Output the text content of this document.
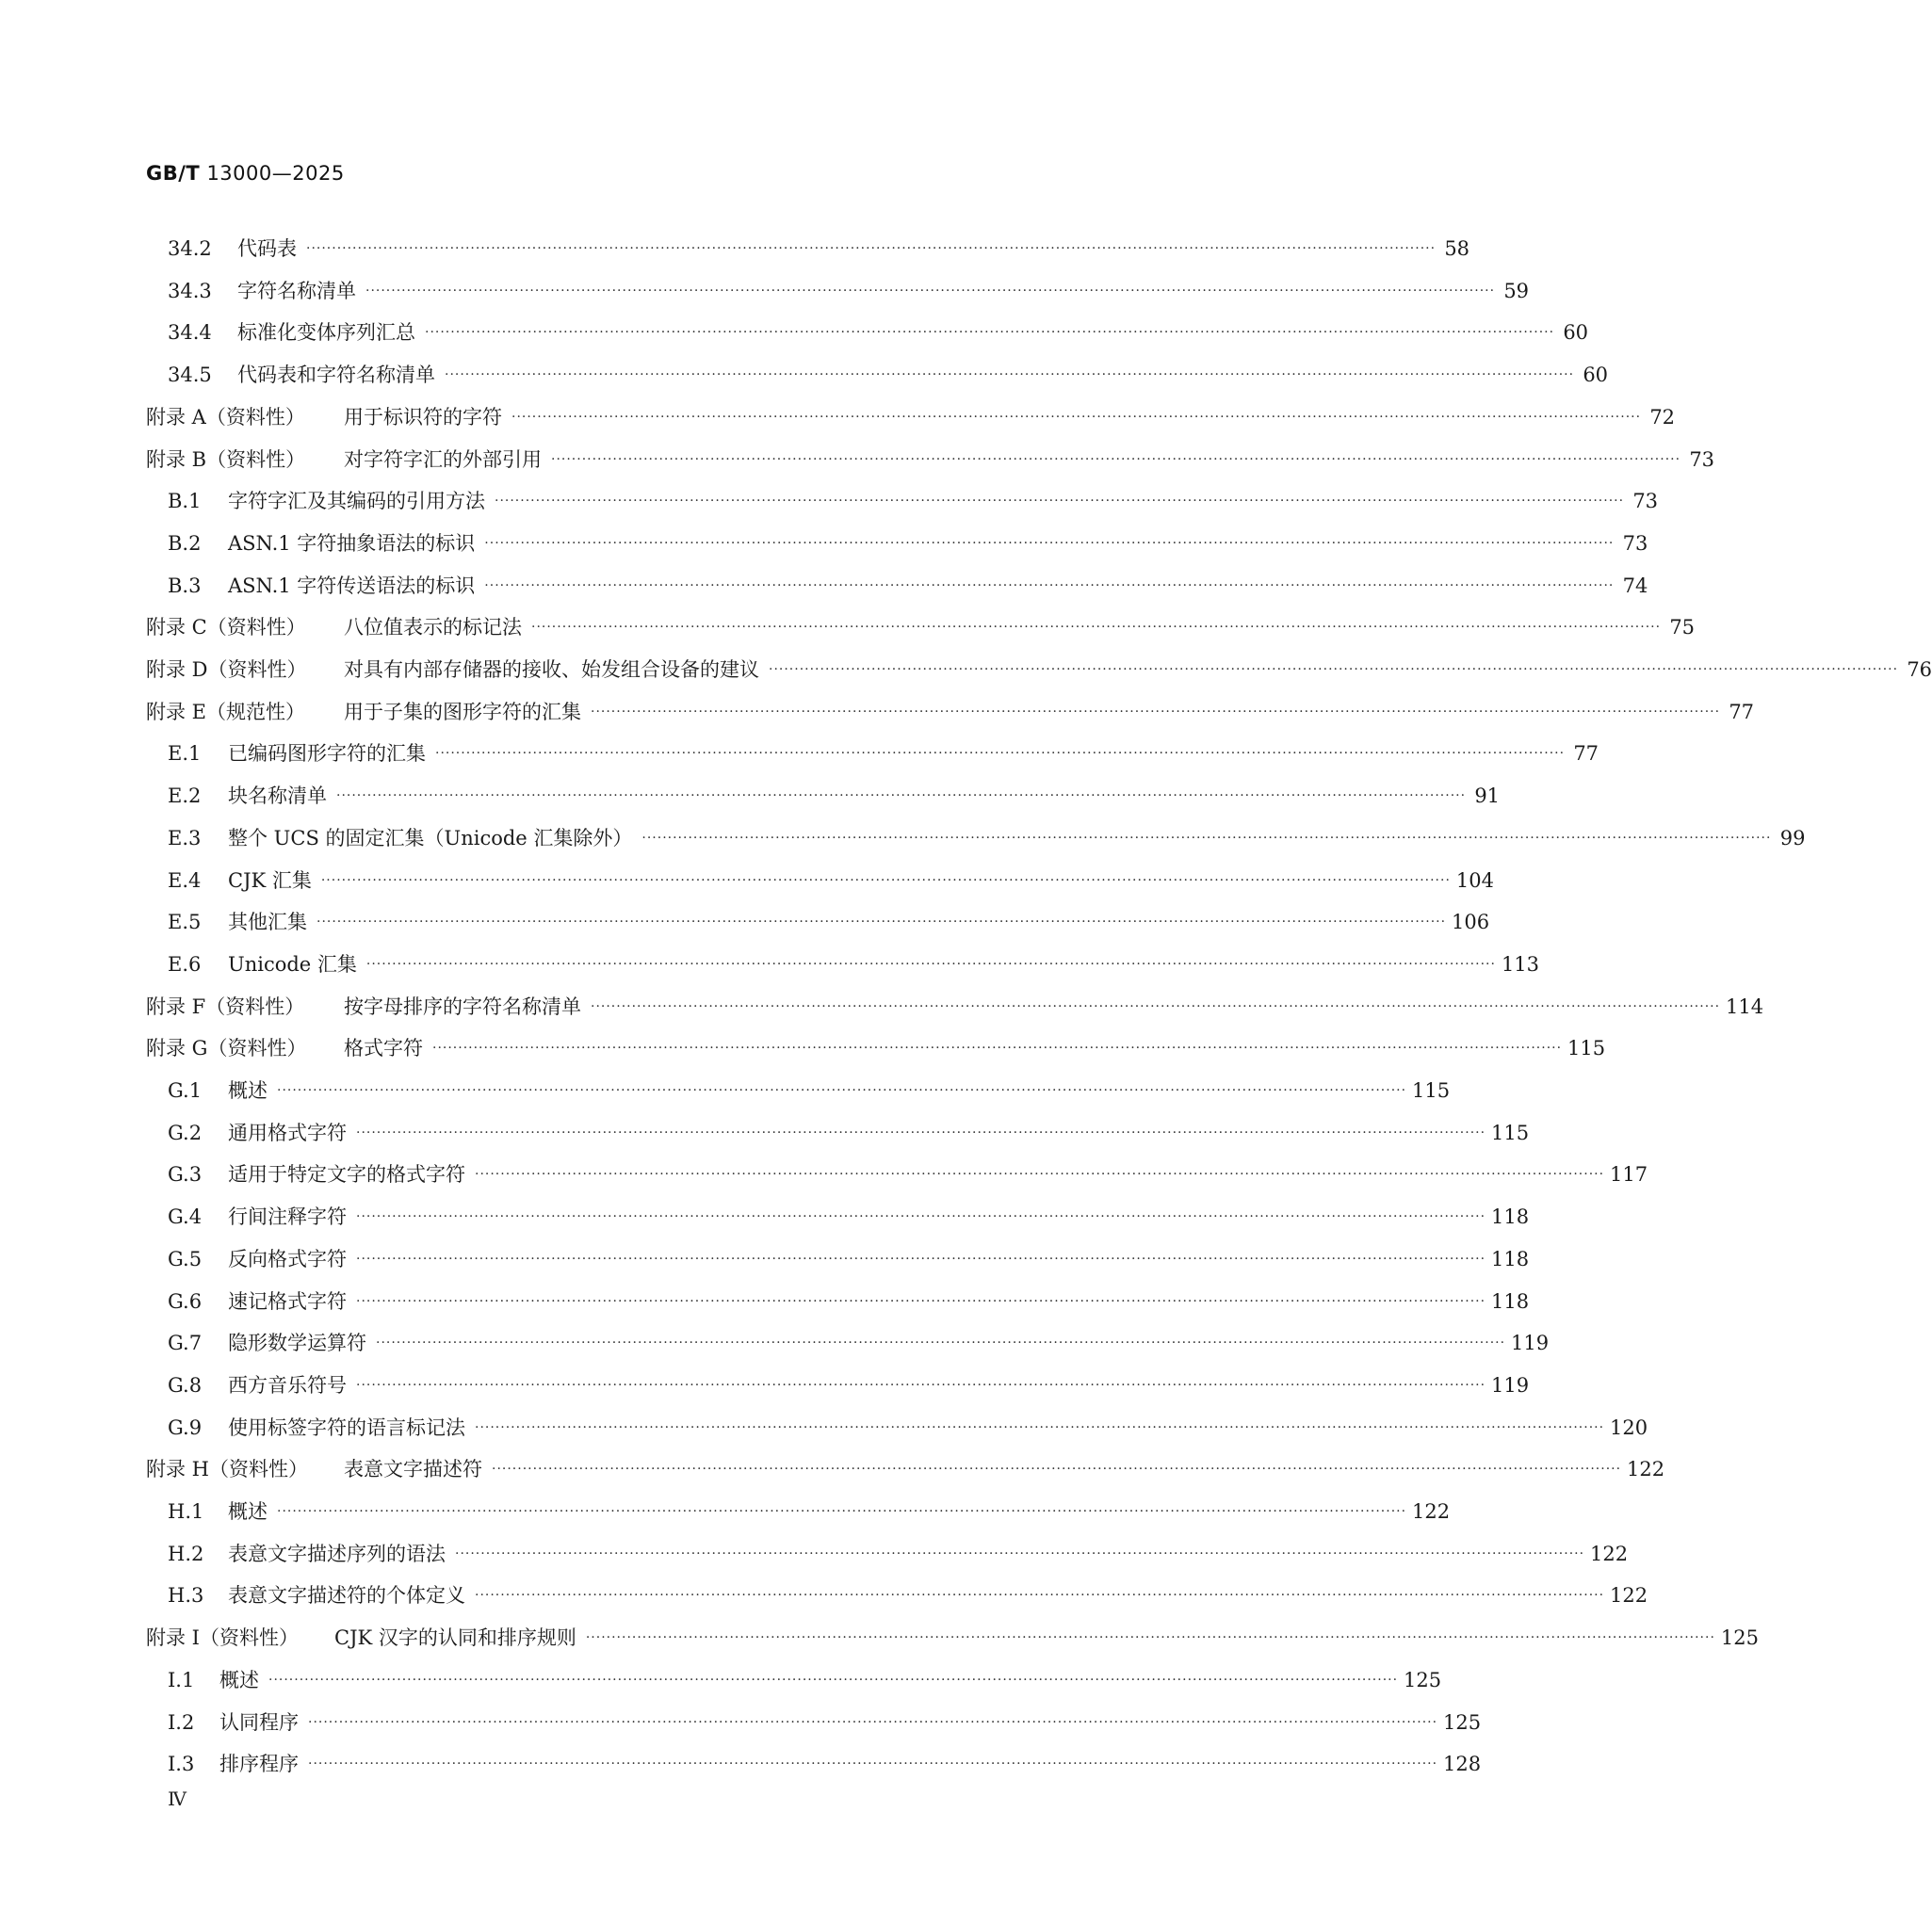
GB/T 13000—2025
34.2	代码表 ···························································································································································································································· 58
34.3	字符名称清单 ···························································································································································································································· 59
34.4	标准化变体序列汇总 ···························································································································································································································· 60
34.5	代码表和字符名称清单 ···························································································································································································································· 60
附录 A（资料性）	用于标识符的字符 ···························································································································································································································· 72
附录 B（资料性）	对字符字汇的外部引用 ···························································································································································································································· 73
B.1	字符字汇及其编码的引用方法 ···························································································································································································································· 73
B.2	ASN.1 字符抽象语法的标识 ···························································································································································································································· 73
B.3	ASN.1 字符传送语法的标识 ···························································································································································································································· 74
附录 C（资料性）	八位值表示的标记法 ···························································································································································································································· 75
附录 D（资料性）	对具有内部存储器的接收、始发组合设备的建议 ···························································································································································································································· 76
附录 E（规范性）	用于子集的图形字符的汇集 ···························································································································································································································· 77
E.1	已编码图形字符的汇集 ···························································································································································································································· 77
E.2	块名称清单 ···························································································································································································································· 91
E.3	整个 UCS 的固定汇集（Unicode 汇集除外） ···························································································································································································································· 99
E.4	CJK 汇集 ···························································································································································································································· 104
E.5	其他汇集 ···························································································································································································································· 106
E.6	Unicode 汇集 ···························································································································································································································· 113
附录 F（资料性）	按字母排序的字符名称清单 ···························································································································································································································· 114
附录 G（资料性）	格式字符 ···························································································································································································································· 115
G.1	概述 ···························································································································································································································· 115
G.2	通用格式字符 ···························································································································································································································· 115
G.3	适用于特定文字的格式字符 ···························································································································································································································· 117
G.4	行间注释字符 ···························································································································································································································· 118
G.5	反向格式字符 ···························································································································································································································· 118
G.6	速记格式字符 ···························································································································································································································· 118
G.7	隐形数学运算符 ···························································································································································································································· 119
G.8	西方音乐符号 ···························································································································································································································· 119
G.9	使用标签字符的语言标记法 ···························································································································································································································· 120
附录 H（资料性）	表意文字描述符 ···························································································································································································································· 122
H.1	概述 ···························································································································································································································· 122
H.2	表意文字描述序列的语法 ···························································································································································································································· 122
H.3	表意文字描述符的个体定义 ···························································································································································································································· 122
附录 I（资料性）	CJK 汉字的认同和排序规则 ···························································································································································································································· 125
I.1	概述 ···························································································································································································································· 125
I.2	认同程序 ···························································································································································································································· 125
I.3	排序程序 ···························································································································································································································· 128
Ⅳ
